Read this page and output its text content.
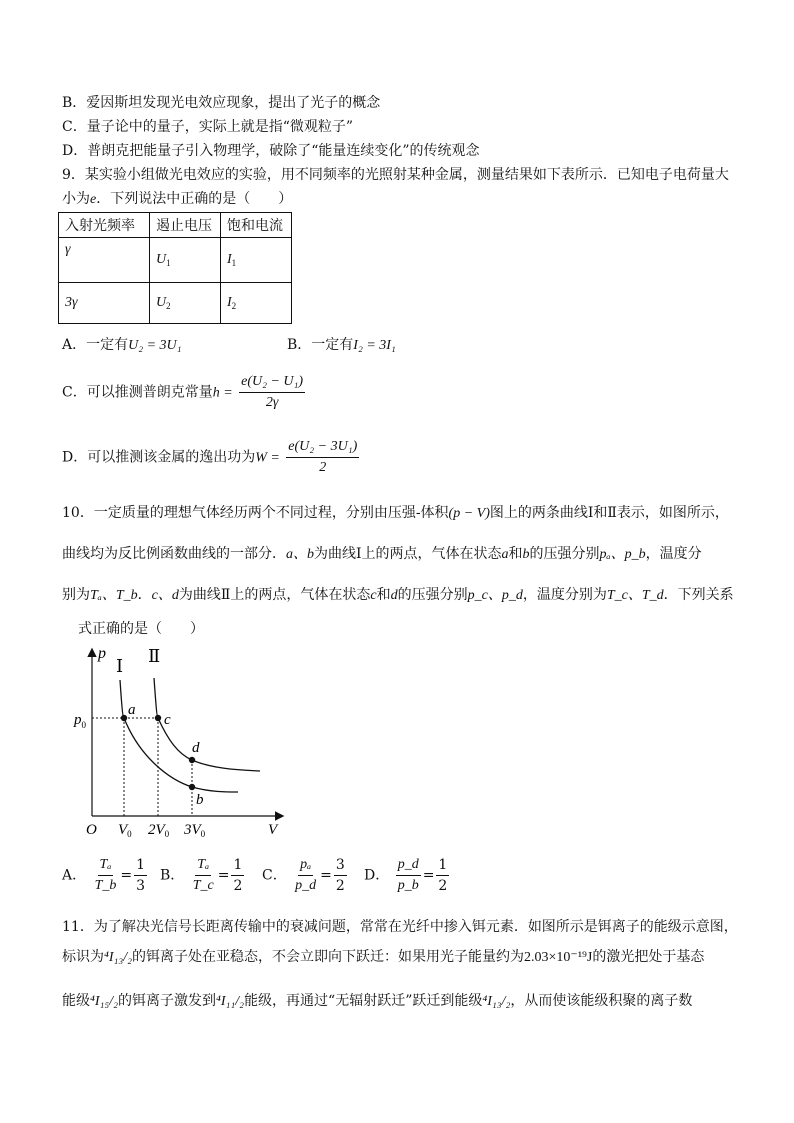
B．爱因斯坦发现光电效应现象，提出了光子的概念
C．量子论中的量子，实际上就是指“微观粒子”
D．普朗克把能量子引入物理学，破除了“能量连续变化”的传统观念
9．某实验小组做光电效应的实验，用不同频率的光照射某种金属，测量结果如下表所示．已知电子电荷量大
小为e．下列说法中正确的是（　　）
入射光频率	遏止电压	饱和电流
γ	$U_1$	$I_1$
3γ	$U_2$	$I_2$
A．一定有U₂ = 3U₁	B．一定有I₂ = 3I₁
C．可以推测普朗克常量$h = \frac{\text{e(U₂ − U₁)}}{2\gamma}$
D．可以推测该金属的逸出功为$W = \frac{\text{e(U₂ − 3U₁)}}{2}$
10．一定质量的理想气体经历两个不同过程，分别由压强-体积(p − V)图上的两条曲线Ⅰ和Ⅱ表示，如图所示，
曲线均为反比例函数曲线的一部分．a、b为曲线Ⅰ上的两点，气体在状态a和b的压强分别pₐ、p_b，温度分
别为Tₐ、T_b．c、d为曲线Ⅱ上的两点，气体在状态c和d的压强分别p_c、p_d，温度分别为T_c、T_d．下列关系
式正确的是（　　）
p
Ⅰ Ⅱ
$p_0$
a
c
d
b
O $V_0$ $2V_0$ $3V_0$	V
A． $\frac{\text{Tₐ}}{T\_b} = \frac{1}{3}$ B． $\frac{\text{Tₐ}}{T\_c} = \frac{1}{2}$ C． $\frac{\text{pₐ}}{p\_d} = \frac{3}{2}$ D． $\frac{p\_d}{p\_b} = \frac{1}{2}$
11．为了解决光信号长距离传输中的衰减问题，常常在光纤中掺入铒元素．如图所示是铒离子的能级示意图，
标识为⁴I₁₃/₂的铒离子处在亚稳态，不会立即向下跃迁：如果用光子能量约为2.03×10⁻¹⁹J的激光把处于基态
能级⁴I₁₅/₂的铒离子激发到⁴I₁₁/₂能级，再通过“无辐射跃迁”跃迁到能级⁴I₁₃/₂，从而使该能级积聚的离子数
